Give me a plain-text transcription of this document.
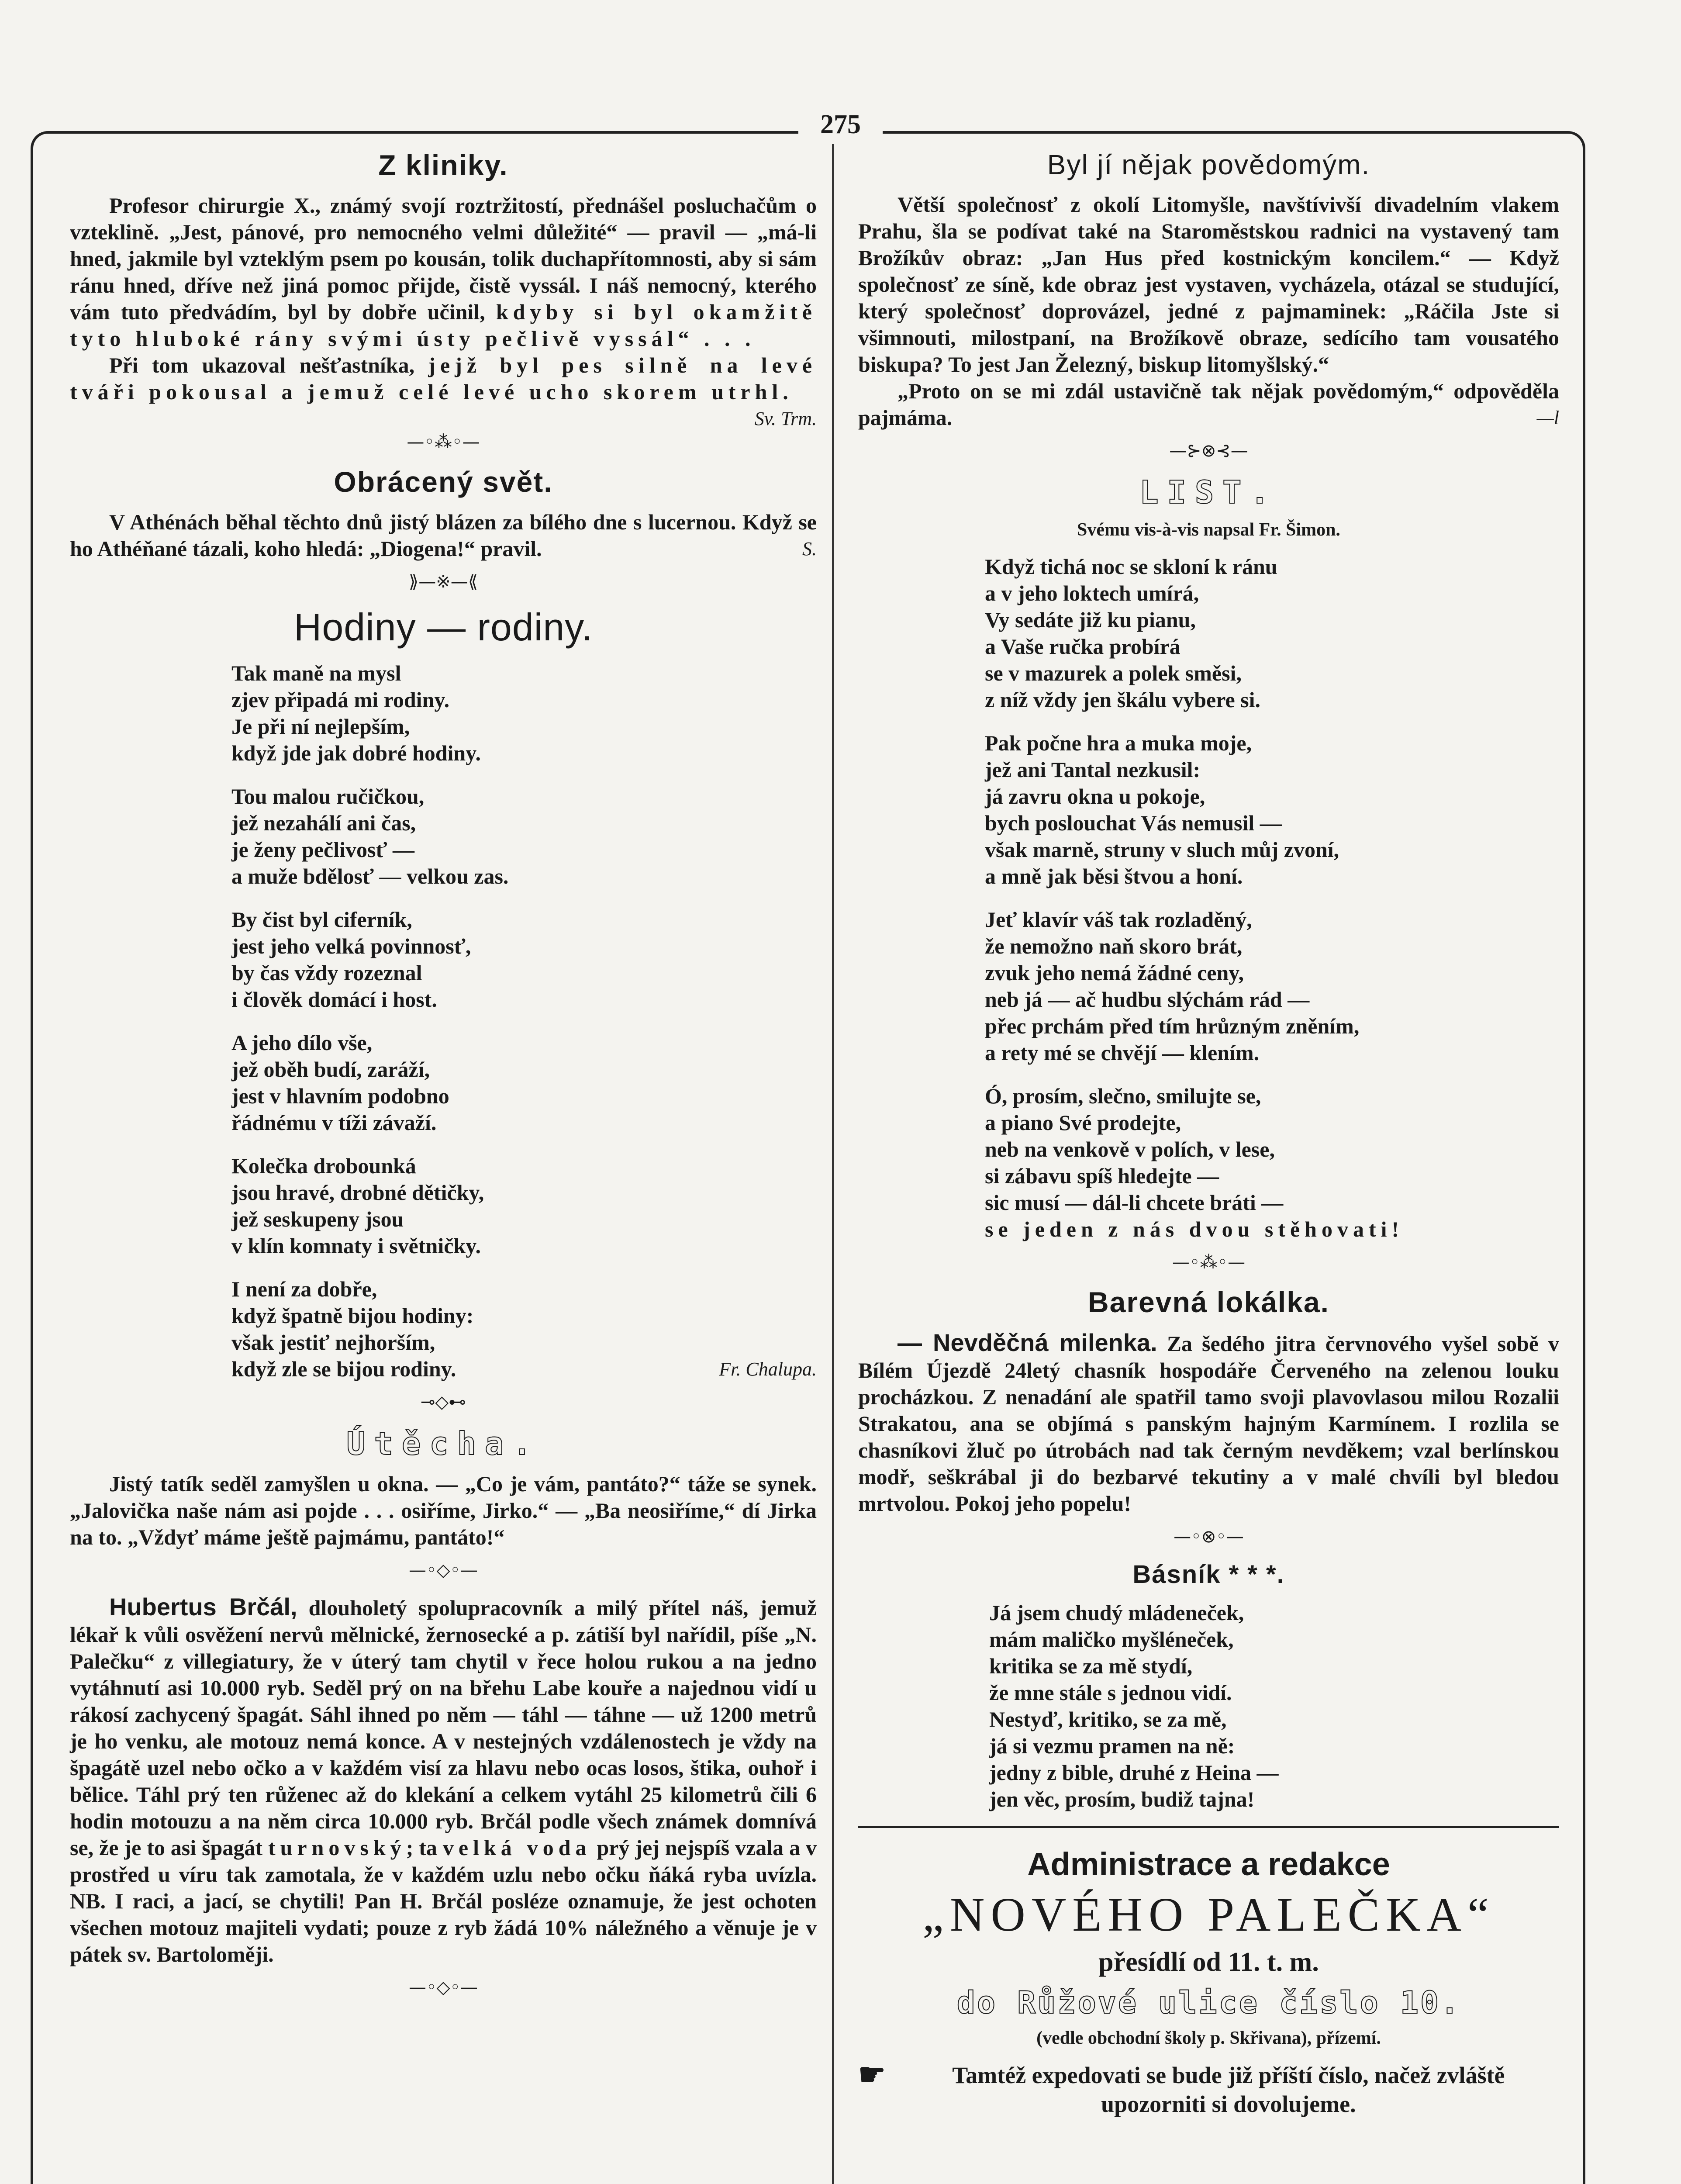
275
Z kliniky.

Profesor chirurgie X., známý svojí roztržitostí, přednášel posluchačům o vzteklině. „Jest, pánové, pro nemocného velmi důležité“ — pravil — „má-li hned, jakmile byl vzteklým psem po kousán, tolik duchapřítomnosti, aby si sám ránu hned, dříve než jiná pomoc přijde, čistě vyssál. I náš nemocný, kterého vám tuto předvádím, byl by dobře učinil, kdyby si byl okamžitě tyto hluboké rány svými ústy pečlivě vyssál“ . . .

Při tom ukazoval nešťastníka, jejž byl pes silně na levé tváři pokousal a jemuž celé levé ucho skorem utrhl.
Sv. Trm.

—◦⁂◦—
Obrácený svět.

V Athénách běhal těchto dnů jistý blázen za bílého dne s lucernou. Když se ho Athéňané tázali, koho hledá: „Diogena!“ pravil.	S.

⟫—※—⟪
Hodiny — rodiny.
Tak maně na mysl
zjev připadá mi rodiny.
Je při ní nejlepším,
když jde jak dobré hodiny.
Tou malou ručičkou,
jež nezahálí ani čas,
je ženy pečlivosť —
a muže bdělosť — velkou zas.
By čist byl ciferník,
jest jeho velká povinnosť,
by čas vždy rozeznal
i člověk domácí i host.
A jeho dílo vše,
jež oběh budí, zaráží,
jest v hlavním podobno
řádnému v tíži závaží.
Kolečka drobounká
jsou hravé, drobné dětičky,
jež seskupeny jsou
v klín komnaty i světničky.
I není za dobře,
když špatně bijou hodiny:
však jestiť nejhorším,
když zle se bijou rodiny.	Fr. Chalupa.
⊸◇⊷
Útěcha.

Jistý tatík seděl zamyšlen u okna. — „Co je vám, pantáto?“ táže se synek. „Jalovička naše nám asi pojde . . . osiříme, Jirko.“ — „Ba neosiříme,“ dí Jirka na to. „Vždyť máme ještě pajmámu, pantáto!“

—◦◇◦—

Hubertus Brčál, dlouholetý spolupracovník a milý přítel náš, jemuž lékař k vůli osvěžení nervů mělnické, žernosecké a p. zátiší byl nařídil, píše „N. Palečku“ z villegiatury, že v úterý tam chytil v řece holou rukou a na jedno vytáhnutí asi 10.000 ryb. Seděl prý on na břehu Labe kouře a najednou vidí u rákosí zachycený špagát. Sáhl ihned po něm — táhl — táhne — už 1200 metrů je ho venku, ale motouz nemá konce. A v nestejných vzdálenostech je vždy na špagátě uzel nebo očko a v každém visí za hlavu nebo ocas losos, štika, ouhoř i bělice. Táhl prý ten růženec až do klekání a celkem vytáhl 25 kilometrů čili 6 hodin motouzu a na něm circa 10.000 ryb. Brčál podle všech známek domnívá se, že je to asi špagát turnovský; ta velká voda prý jej nejspíš vzala a v prostřed u víru tak zamotala, že v každém uzlu nebo očku ňáká ryba uvízla. NB. I raci, a jací, se chytili! Pan H. Brčál posléze oznamuje, že jest ochoten všechen motouz majiteli vydati; pouze z ryb žádá 10% náležného a věnuje je v pátek sv. Bartoloměji.

—◦◇◦—
Byl jí nějak povědomým.

Větší společnosť z okolí Litomyšle, navštívivší divadelním vlakem Prahu, šla se podívat také na Staroměstskou radnici na vystavený tam Brožíkův obraz: „Jan Hus před kostnickým koncilem.“ — Když společnosť ze síně, kde obraz jest vystaven, vycházela, otázal se studující, který společnosť doprovázel, jedné z pajmaminek: „Ráčila Jste si všimnouti, milostpaní, na Brožíkově obraze, sedícího tam vousatého biskupa? To jest Jan Železný, biskup litomyšlský.“

„Proto on se mi zdál ustavičně tak nějak povědomým,“ odpověděla pajmáma.	—l

—⊱⊗⊰—
LIST.
Svému vis-à-vis napsal Fr. Šimon.
Když tichá noc se skloní k ránu
a v jeho loktech umírá,
Vy sedáte již ku pianu,
a Vaše ručka probírá
se v mazurek a polek směsi,
z níž vždy jen škálu vybere si.
Pak počne hra a muka moje,
jež ani Tantal nezkusil:
já zavru okna u pokoje,
bych poslouchat Vás nemusil —
však marně, struny v sluch můj zvoní,
a mně jak běsi štvou a honí.
Jeť klavír váš tak rozladěný,
že nemožno naň skoro brát,
zvuk jeho nemá žádné ceny,
neb já — ač hudbu slýchám rád —
přec prchám před tím hrůzným zněním,
a rety mé se chvějí — klením.
Ó, prosím, slečno, smilujte se,
a piano Své prodejte,
neb na venkově v polích, v lese,
si zábavu spíš hledejte —
sic musí — dál-li chcete bráti —
se jeden z nás dvou stěhovati!
—◦⁂◦—
Barevná lokálka.

— Nevděčná milenka. Za šedého jitra červnového vyšel sobě v Bílém Újezdě 24letý chasník hospodáře Červeného na zelenou louku procházkou. Z nenadání ale spatřil tamo svoji plavovlasou milou Rozalii Strakatou, ana se objímá s panským hajným Karmínem. I rozlila se chasníkovi žluč po útrobách nad tak černým nevděkem; vzal berlínskou modř, seškrábal ji do bezbarvé tekutiny a v malé chvíli byl bledou mrtvolou. Pokoj jeho popelu!

—◦⊗◦—
Básník * * *.
Já jsem chudý mládeneček,
mám maličko myšléneček,
kritika se za mě stydí,
že mne stále s jednou vidí.
Nestyď, kritiko, se za mě,
já si vezmu pramen na ně:
jedny z bible, druhé z Heina —
jen věc, prosím, budiž tajna!
Administrace a redakce
„NOVÉHO PALEČKA“
přesídlí od 11. t. m.
do Růžové ulice číslo 10.
(vedle obchodní školy p. Skřivana), přízemí.
☛	Tamtéž expedovati se bude již příští číslo, načež zvláště upozorniti si dovolujeme.
